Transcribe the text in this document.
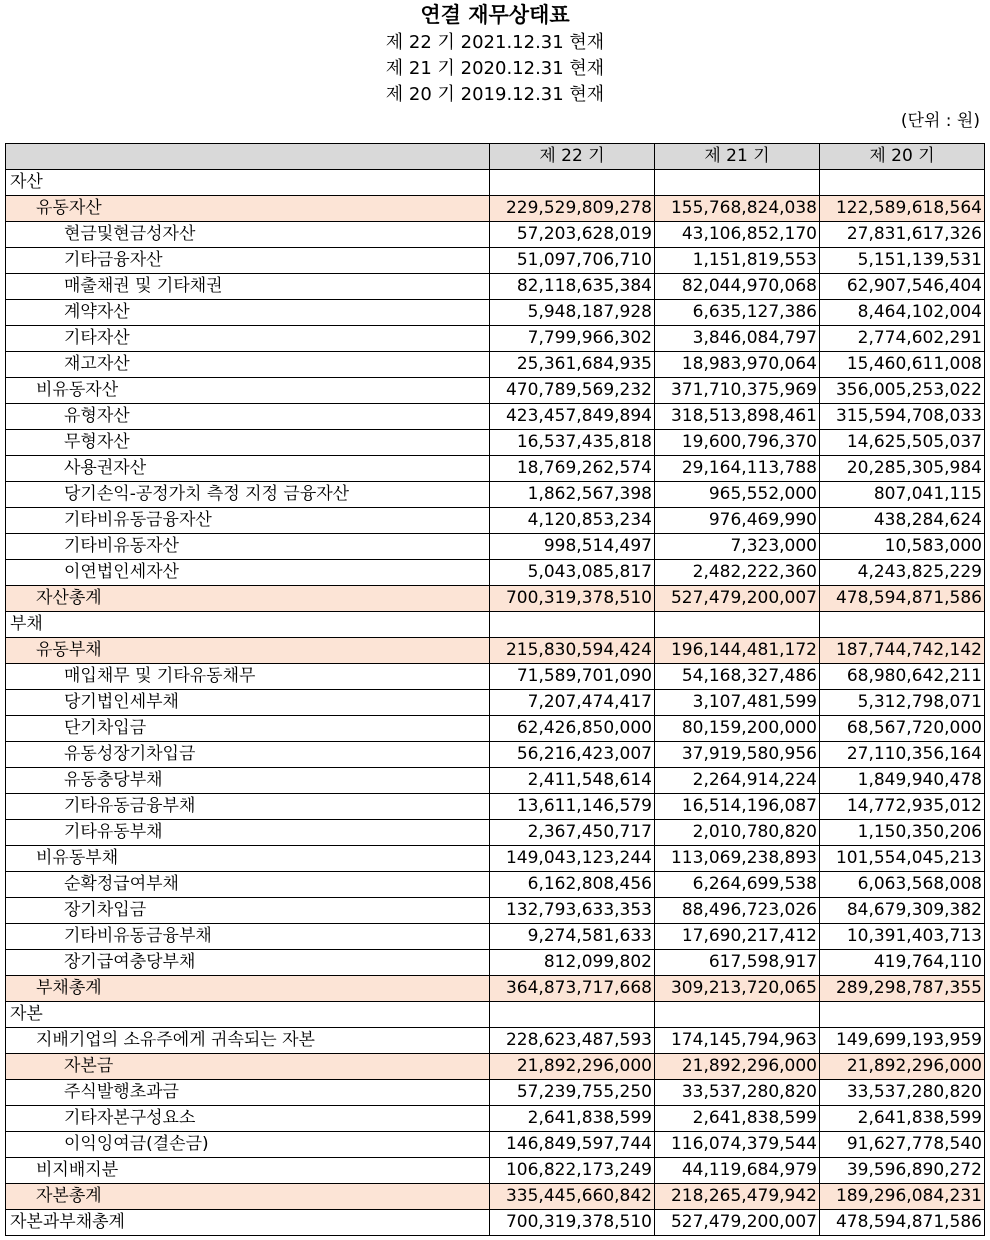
연결 재무상태표
제 22 기 2021.12.31 현재
제 21 기 2020.12.31 현재
제 20 기 2019.12.31 현재
(단위 : 원)
	제 22 기	제 21 기	제 20 기
자산			
유동자산	229,529,809,278	155,768,824,038	122,589,618,564
현금및현금성자산	57,203,628,019	43,106,852,170	27,831,617,326
기타금융자산	51,097,706,710	1,151,819,553	5,151,139,531
매출채권 및 기타채권	82,118,635,384	82,044,970,068	62,907,546,404
계약자산	5,948,187,928	6,635,127,386	8,464,102,004
기타자산	7,799,966,302	3,846,084,797	2,774,602,291
재고자산	25,361,684,935	18,983,970,064	15,460,611,008
비유동자산	470,789,569,232	371,710,375,969	356,005,253,022
유형자산	423,457,849,894	318,513,898,461	315,594,708,033
무형자산	16,537,435,818	19,600,796,370	14,625,505,037
사용권자산	18,769,262,574	29,164,113,788	20,285,305,984
당기손익-공정가치 측정 지정 금융자산	1,862,567,398	965,552,000	807,041,115
기타비유동금융자산	4,120,853,234	976,469,990	438,284,624
기타비유동자산	998,514,497	7,323,000	10,583,000
이연법인세자산	5,043,085,817	2,482,222,360	4,243,825,229
자산총계	700,319,378,510	527,479,200,007	478,594,871,586
부채			
유동부채	215,830,594,424	196,144,481,172	187,744,742,142
매입채무 및 기타유동채무	71,589,701,090	54,168,327,486	68,980,642,211
당기법인세부채	7,207,474,417	3,107,481,599	5,312,798,071
단기차입금	62,426,850,000	80,159,200,000	68,567,720,000
유동성장기차입금	56,216,423,007	37,919,580,956	27,110,356,164
유동충당부채	2,411,548,614	2,264,914,224	1,849,940,478
기타유동금융부채	13,611,146,579	16,514,196,087	14,772,935,012
기타유동부채	2,367,450,717	2,010,780,820	1,150,350,206
비유동부채	149,043,123,244	113,069,238,893	101,554,045,213
순확정급여부채	6,162,808,456	6,264,699,538	6,063,568,008
장기차입금	132,793,633,353	88,496,723,026	84,679,309,382
기타비유동금융부채	9,274,581,633	17,690,217,412	10,391,403,713
장기급여충당부채	812,099,802	617,598,917	419,764,110
부채총계	364,873,717,668	309,213,720,065	289,298,787,355
자본			
지배기업의 소유주에게 귀속되는 자본	228,623,487,593	174,145,794,963	149,699,193,959
자본금	21,892,296,000	21,892,296,000	21,892,296,000
주식발행초과금	57,239,755,250	33,537,280,820	33,537,280,820
기타자본구성요소	2,641,838,599	2,641,838,599	2,641,838,599
이익잉여금(결손금)	146,849,597,744	116,074,379,544	91,627,778,540
비지배지분	106,822,173,249	44,119,684,979	39,596,890,272
자본총계	335,445,660,842	218,265,479,942	189,296,084,231
자본과부채총계	700,319,378,510	527,479,200,007	478,594,871,586
